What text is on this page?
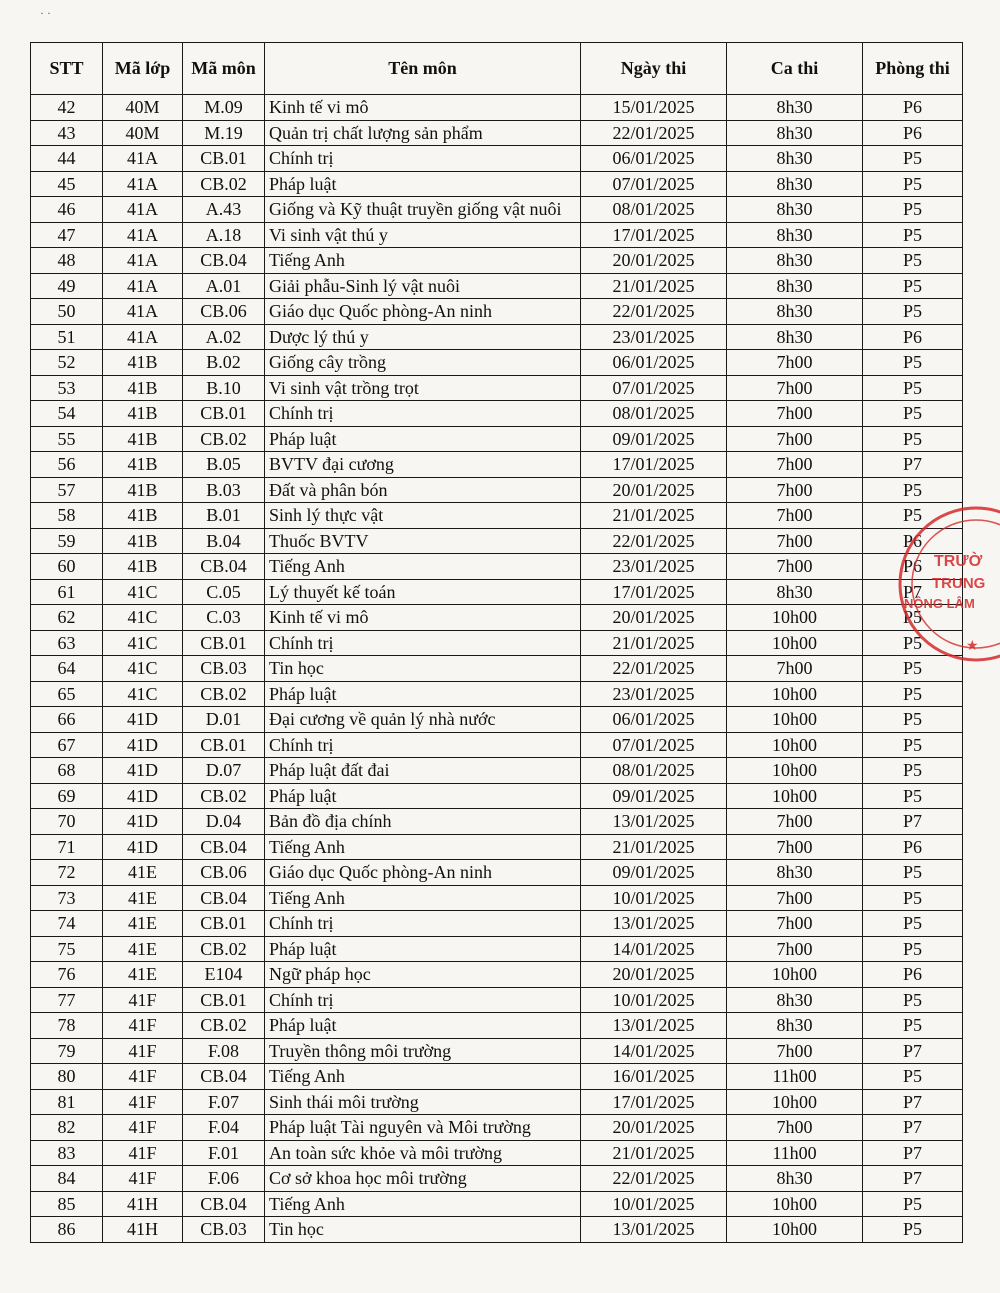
· ·
STT	Mã lớp	Mã môn	Tên môn	Ngày thi	Ca thi	Phòng thi
42	40M	M.09	Kinh tế vi mô	15/01/2025	8h30	P6
43	40M	M.19	Quản trị chất lượng sản phẩm	22/01/2025	8h30	P6
44	41A	CB.01	Chính trị	06/01/2025	8h30	P5
45	41A	CB.02	Pháp luật	07/01/2025	8h30	P5
46	41A	A.43	Giống và Kỹ thuật truyền giống vật nuôi	08/01/2025	8h30	P5
47	41A	A.18	Vi sinh vật thú y	17/01/2025	8h30	P5
48	41A	CB.04	Tiếng Anh	20/01/2025	8h30	P5
49	41A	A.01	Giải phẫu-Sinh lý vật nuôi	21/01/2025	8h30	P5
50	41A	CB.06	Giáo dục Quốc phòng-An ninh	22/01/2025	8h30	P5
51	41A	A.02	Dược lý thú y	23/01/2025	8h30	P6
52	41B	B.02	Giống cây trồng	06/01/2025	7h00	P5
53	41B	B.10	Vi sinh vật trồng trọt	07/01/2025	7h00	P5
54	41B	CB.01	Chính trị	08/01/2025	7h00	P5
55	41B	CB.02	Pháp luật	09/01/2025	7h00	P5
56	41B	B.05	BVTV đại cương	17/01/2025	7h00	P7
57	41B	B.03	Đất và phân bón	20/01/2025	7h00	P5
58	41B	B.01	Sinh lý thực vật	21/01/2025	7h00	P5
59	41B	B.04	Thuốc BVTV	22/01/2025	7h00	P6
60	41B	CB.04	Tiếng Anh	23/01/2025	7h00	P6
61	41C	C.05	Lý thuyết kế toán	17/01/2025	8h30	P7
62	41C	C.03	Kinh tế vi mô	20/01/2025	10h00	P5
63	41C	CB.01	Chính trị	21/01/2025	10h00	P5
64	41C	CB.03	Tin học	22/01/2025	7h00	P5
65	41C	CB.02	Pháp luật	23/01/2025	10h00	P5
66	41D	D.01	Đại cương về quản lý nhà nước	06/01/2025	10h00	P5
67	41D	CB.01	Chính trị	07/01/2025	10h00	P5
68	41D	D.07	Pháp luật đất đai	08/01/2025	10h00	P5
69	41D	CB.02	Pháp luật	09/01/2025	10h00	P5
70	41D	D.04	Bản đồ địa chính	13/01/2025	7h00	P7
71	41D	CB.04	Tiếng Anh	21/01/2025	7h00	P6
72	41E	CB.06	Giáo dục Quốc phòng-An ninh	09/01/2025	8h30	P5
73	41E	CB.04	Tiếng Anh	10/01/2025	7h00	P5
74	41E	CB.01	Chính trị	13/01/2025	7h00	P5
75	41E	CB.02	Pháp luật	14/01/2025	7h00	P5
76	41E	E104	Ngữ pháp học	20/01/2025	10h00	P6
77	41F	CB.01	Chính trị	10/01/2025	8h30	P5
78	41F	CB.02	Pháp luật	13/01/2025	8h30	P5
79	41F	F.08	Truyền thông môi trường	14/01/2025	7h00	P7
80	41F	CB.04	Tiếng Anh	16/01/2025	11h00	P5
81	41F	F.07	Sinh thái môi trường	17/01/2025	10h00	P7
82	41F	F.04	Pháp luật Tài nguyên và Môi trường	20/01/2025	7h00	P7
83	41F	F.01	An toàn sức khỏe và môi trường	21/01/2025	11h00	P7
84	41F	F.06	Cơ sở khoa học môi trường	22/01/2025	8h30	P7
85	41H	CB.04	Tiếng Anh	10/01/2025	10h00	P5
86	41H	CB.03	Tin học	13/01/2025	10h00	P5
TRƯỜ
TRUNG
NÔNG LÂM
★
